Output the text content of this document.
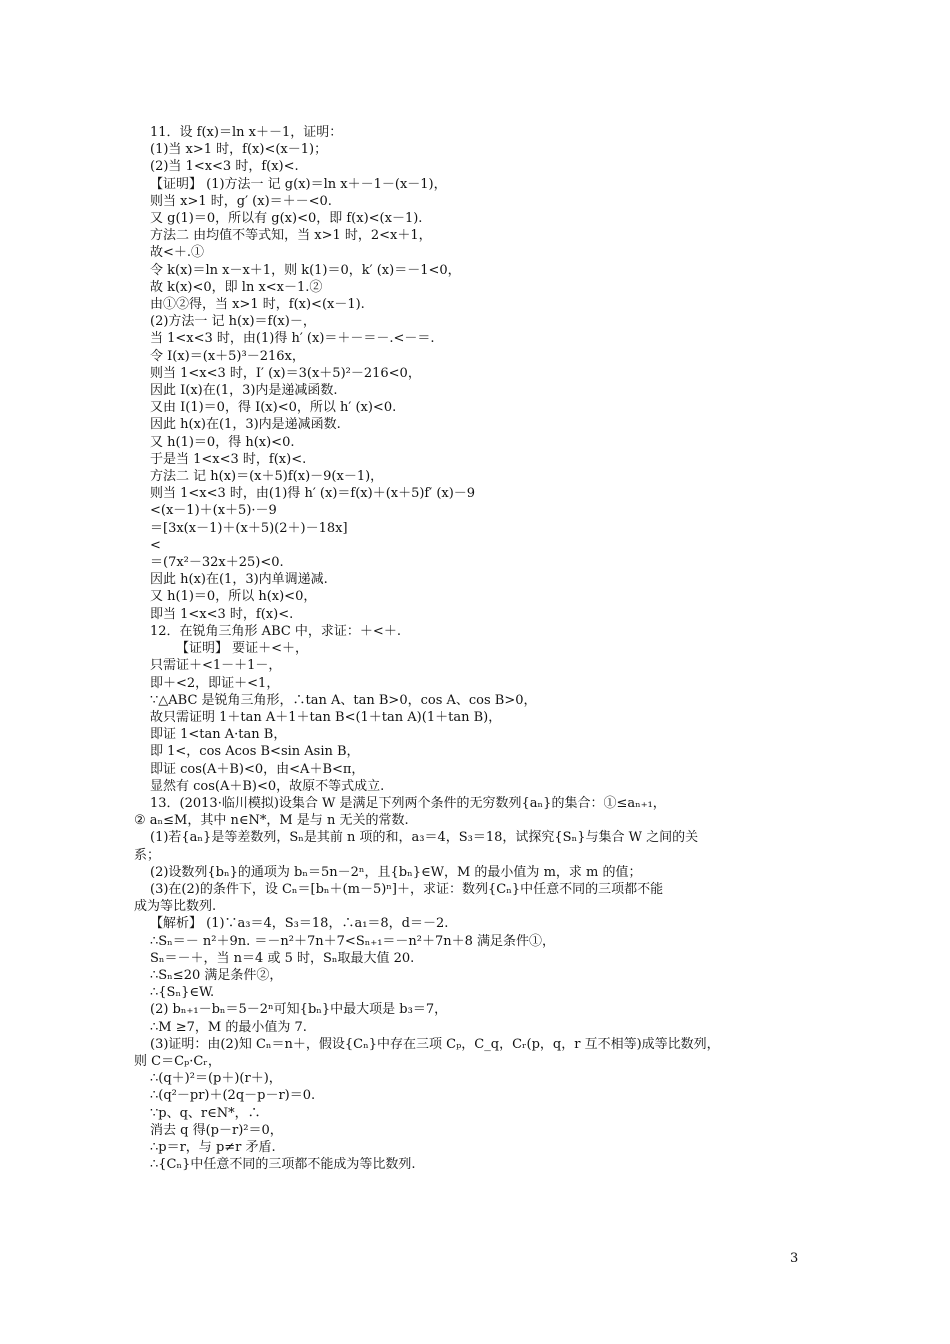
11．设 f(x)＝ln x＋－1，证明：
(1)当 x>1 时，f(x)<(x－1)；
(2)当 1<x<3 时，f(x)<.
【证明】 (1)方法一 记 g(x)＝ln x＋－1－(x－1)，
则当 x>1 时，g′ (x)＝＋－<0.
又 g(1)＝0，所以有 g(x)<0，即 f(x)<(x－1).
方法二 由均值不等式知，当 x>1 时，2<x＋1，
故<＋.①
令 k(x)＝ln x－x＋1，则 k(1)＝0，k′ (x)＝－1<0，
故 k(x)<0，即 ln x<x－1.②
由①②得，当 x>1 时，f(x)<(x－1).
(2)方法一 记 h(x)＝f(x)－，
当 1<x<3 时，由(1)得 h′ (x)＝＋－＝－.<－＝.
令 I(x)＝(x＋5)³－216x，
则当 1<x<3 时，I′ (x)＝3(x＋5)²－216<0，
因此 I(x)在(1，3)内是递减函数.
又由 I(1)＝0，得 I(x)<0，所以 h′ (x)<0.
因此 h(x)在(1，3)内是递减函数.
又 h(1)＝0，得 h(x)<0.
于是当 1<x<3 时，f(x)<.
方法二 记 h(x)＝(x＋5)f(x)－9(x－1)，
则当 1<x<3 时，由(1)得 h′ (x)＝f(x)＋(x＋5)f′ (x)－9
<(x－1)＋(x＋5)·－9
＝[3x(x－1)＋(x＋5)(2＋)－18x]
<
＝(7x²－32x＋25)<0.
因此 h(x)在(1，3)内单调递减.
又 h(1)＝0，所以 h(x)<0，
即当 1<x<3 时，f(x)<.
12．在锐角三角形 ABC 中，求证：＋<＋.
【证明】 要证＋<＋，
只需证＋<1－＋1－，
即＋<2，即证＋<1，
∵△ABC 是锐角三角形，∴tan A、tan B>0，cos A、cos B>0，
故只需证明 1＋tan A＋1＋tan B<(1＋tan A)(1＋tan B)，
即证 1<tan A·tan B，
即 1<，cos Acos B<sin Asin B，
即证 cos(A＋B)<0，由<A＋B<π，
显然有 cos(A＋B)<0，故原不等式成立.
13．(2013·临川模拟)设集合 W 是满足下列两个条件的无穷数列{aₙ}的集合：①≤aₙ₊₁，
② aₙ≤M，其中 n∈N*，M 是与 n 无关的常数.
(1)若{aₙ}是等差数列，Sₙ是其前 n 项的和，a₃＝4，S₃＝18，试探究{Sₙ}与集合 W 之间的关
系；
(2)设数列{bₙ}的通项为 bₙ＝5n－2ⁿ，且{bₙ}∈W，M 的最小值为 m，求 m 的值；
(3)在(2)的条件下，设 Cₙ＝[bₙ＋(m－5)ⁿ]＋，求证：数列{Cₙ}中任意不同的三项都不能
成为等比数列.
【解析】 (1)∵a₃＝4，S₃＝18，∴a₁＝8，d＝－2.
∴Sₙ＝－ n²＋9n. ＝－n²＋7n＋7<Sₙ₊₁＝－n²＋7n＋8 满足条件①，
Sₙ＝－＋，当 n＝4 或 5 时，Sₙ取最大值 20.
∴Sₙ≤20 满足条件②，
∴{Sₙ}∈W.
(2) bₙ₊₁－bₙ＝5－2ⁿ可知{bₙ}中最大项是 b₃＝7，
∴M ≥7，M 的最小值为 7.
(3)证明：由(2)知 Cₙ＝n＋，假设{Cₙ}中存在三项 Cₚ，C_q，Cᵣ(p，q，r 互不相等)成等比数列，
则 C＝Cₚ·Cᵣ，
∴(q＋)²＝(p＋)(r＋)，
∴(q²－pr)＋(2q－p－r)＝0.
∵p、q、r∈N*，∴
消去 q 得(p－r)²＝0，
∴p＝r，与 p≠r 矛盾.
∴{Cₙ}中任意不同的三项都不能成为等比数列.
3
